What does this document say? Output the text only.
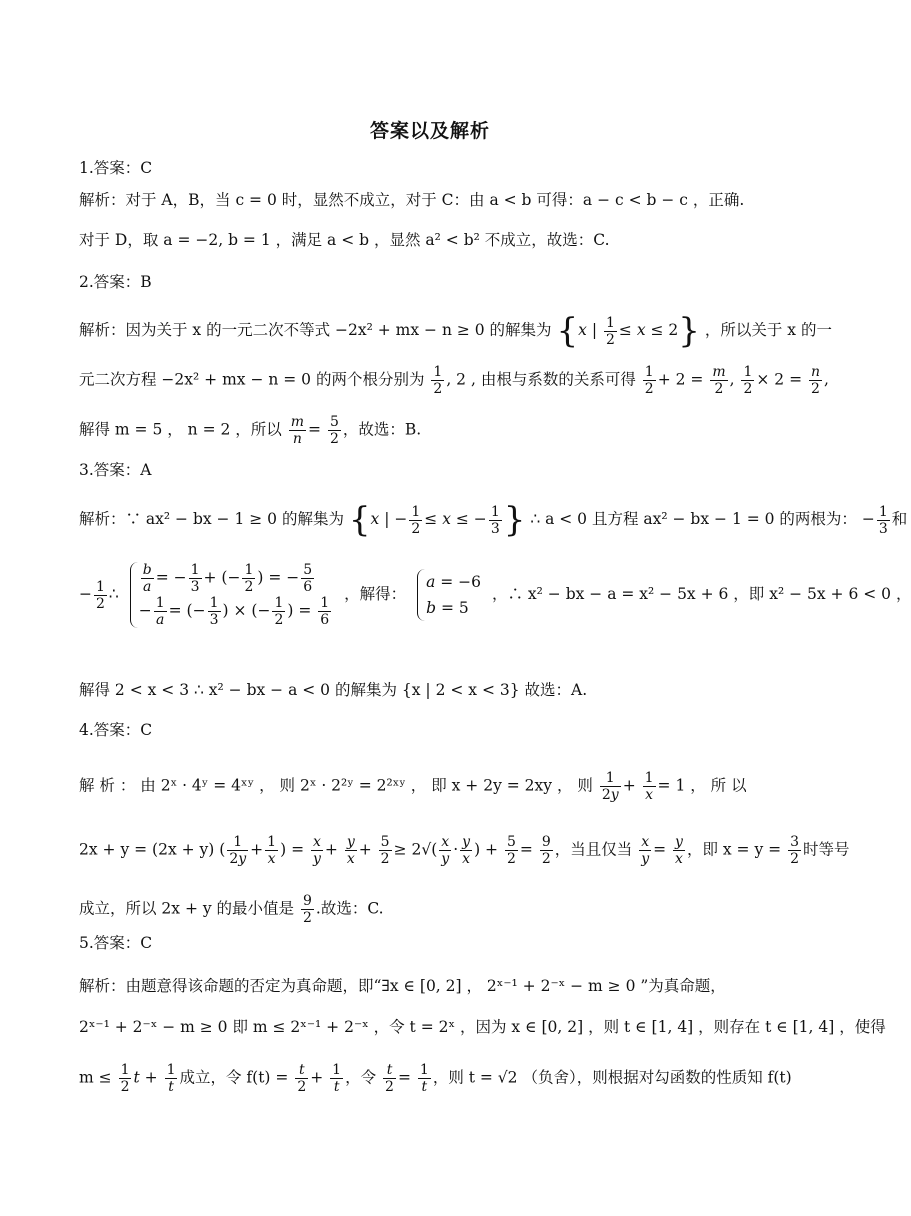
答案以及解析
1.答案：C
解析：对于 A，B，当 c = 0 时，显然不成立，对于 C：由 a < b 可得：a − c < b − c ，正确.
对于 D，取 a = −2, b = 1 ，满足 a < b ，显然 a² < b² 不成立，故选：C.
2.答案：B
解析：因为关于 x 的一元二次不等式 −2x² + mx − n ≥ 0 的解集为 {x | $\frac{1}{2} \le x \le 2$} ，所以关于 x 的一
元二次方程 −2x² + mx − n = 0 的两个根分别为 $\frac{1}{2}$ , 2 , 由根与系数的关系可得 $\frac{1}{2} + 2 = \frac{m}{2}$ , $\frac{1}{2} \times 2 = \frac{n}{2}$ ,
解得 m = 5 ， n = 2 ，所以 $\frac{m}{n} = \frac{5}{2}$ ，故选：B.
3.答案：A
解析：∵ ax² − bx − 1 ≥ 0 的解集为 {x | − $\frac{1}{2} \le x$ ≤ − $\frac{1}{3}$ } ∴ a < 0 且方程 ax² − bx − 1 = 0 的两根为： − $\frac{1}{3}$ 和
− $\frac{1}{2}$ ∴ $\frac{b}{a}$ = − $\frac{1}{3}$ + (− $\frac{1}{2}$ ) = − $\frac{5}{6}$
− $\frac{1}{a}$ = (− $\frac{1}{3}$ ) × (− $\frac{1}{2}$ ) = $\frac{1}{6}$
，解得：
a = −6
b = 5
，∴ x² − bx − a = x² − 5x + 6 ，即 x² − 5x + 6 < 0 ，
解得 2 < x < 3 ∴ x² − bx − a < 0 的解集为 {x | 2 < x < 3} 故选：A.
4.答案：C
解 析 ： 由 2ˣ · 4ʸ = 4ˣʸ ， 则 2ˣ · 2²ʸ = 2²ˣʸ ， 即 x + 2y = 2xy ， 则 $\frac{1}{2y} + \frac{1}{x} = 1$ ， 所 以
2x + y = (2x + y) ( $\frac{1}{2y} + \frac{1}{x}$ ) = $\frac{x}{y} + \frac{y}{x} + \frac{5}{2} \ge 2√( \frac{x}{y} \cdot \frac{y}{x}$ ) + $\frac{5}{2} = \frac{9}{2}$ ，当且仅当 $\frac{x}{y} = \frac{y}{x}$ ，即 $x = y = \frac{3}{2}$ 时等号
成立，所以 2x + y 的最小值是 $\frac{9}{2}$ .故选：C.
5.答案：C
解析：由题意得该命题的否定为真命题，即“∃x ∈ [0, 2] ， 2ˣ⁻¹ + 2⁻ˣ − m ≥ 0 ”为真命题，
2ˣ⁻¹ + 2⁻ˣ − m ≥ 0 即 m ≤ 2ˣ⁻¹ + 2⁻ˣ ，令 t = 2ˣ ，因为 x ∈ [0, 2] ，则 t ∈ [1, 4] ，则存在 t ∈ [1, 4] ，使得
$m \le \frac{1}{2}$ $t + \frac{1}{t}$ 成立，令 $f(t) = \frac{t}{2} + \frac{1}{t}$ ，令 $\frac{t}{2} = \frac{1}{t}$ ，则 t = √2 （负舍），则根据对勾函数的性质知 f(t)
